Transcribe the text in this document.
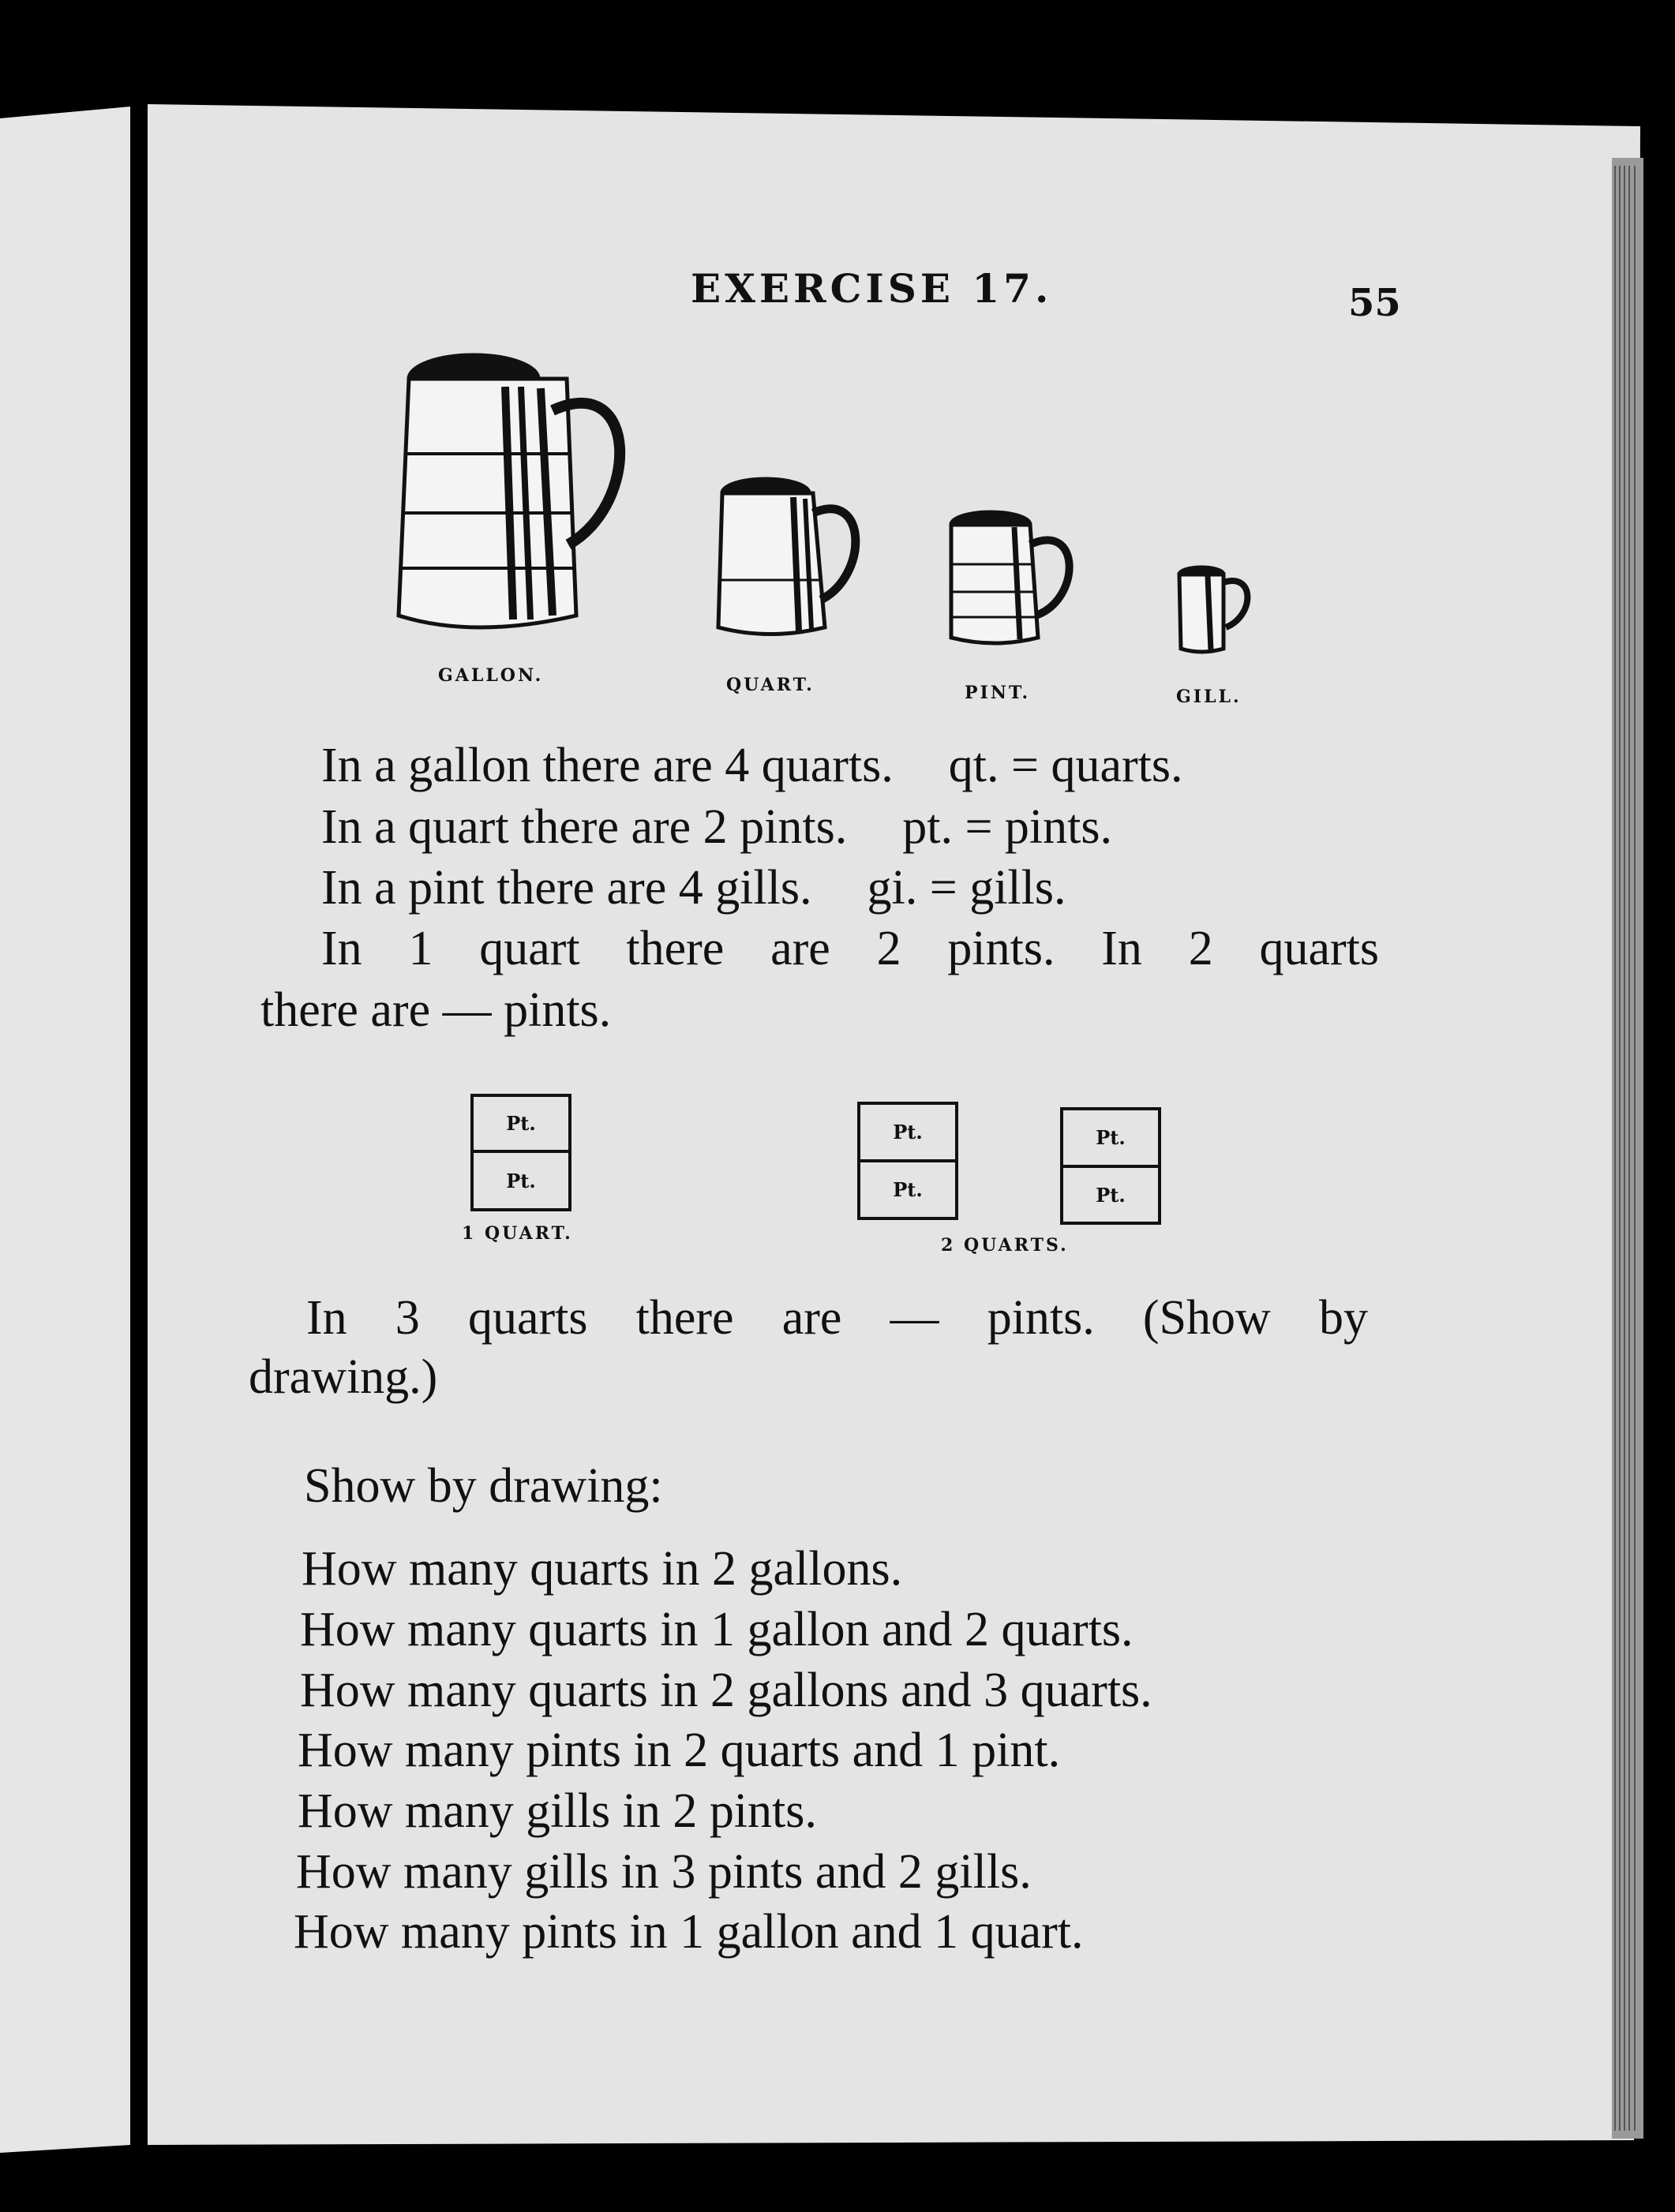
EXERCISE 17.	55
GALLON.	QUART.	PINT.	GILL.
In a gallon there are 4 quarts. qt. = quarts.
In a quart there are 2 pints. pt. = pints.
In a pint there are 4 gills. gi. = gills.
In 1 quart there are 2 pints. In 2 quarts
there are — pints.
Pt.
Pt.
Pt.
Pt.
Pt.
Pt.
1 QUART.
2 QUARTS.
In 3 quarts there are — pints. (Show by
drawing.)
Show by drawing:
How many quarts in 2 gallons.
How many quarts in 1 gallon and 2 quarts.
How many quarts in 2 gallons and 3 quarts.
How many pints in 2 quarts and 1 pint.
How many gills in 2 pints.
How many gills in 3 pints and 2 gills.
How many pints in 1 gallon and 1 quart.
